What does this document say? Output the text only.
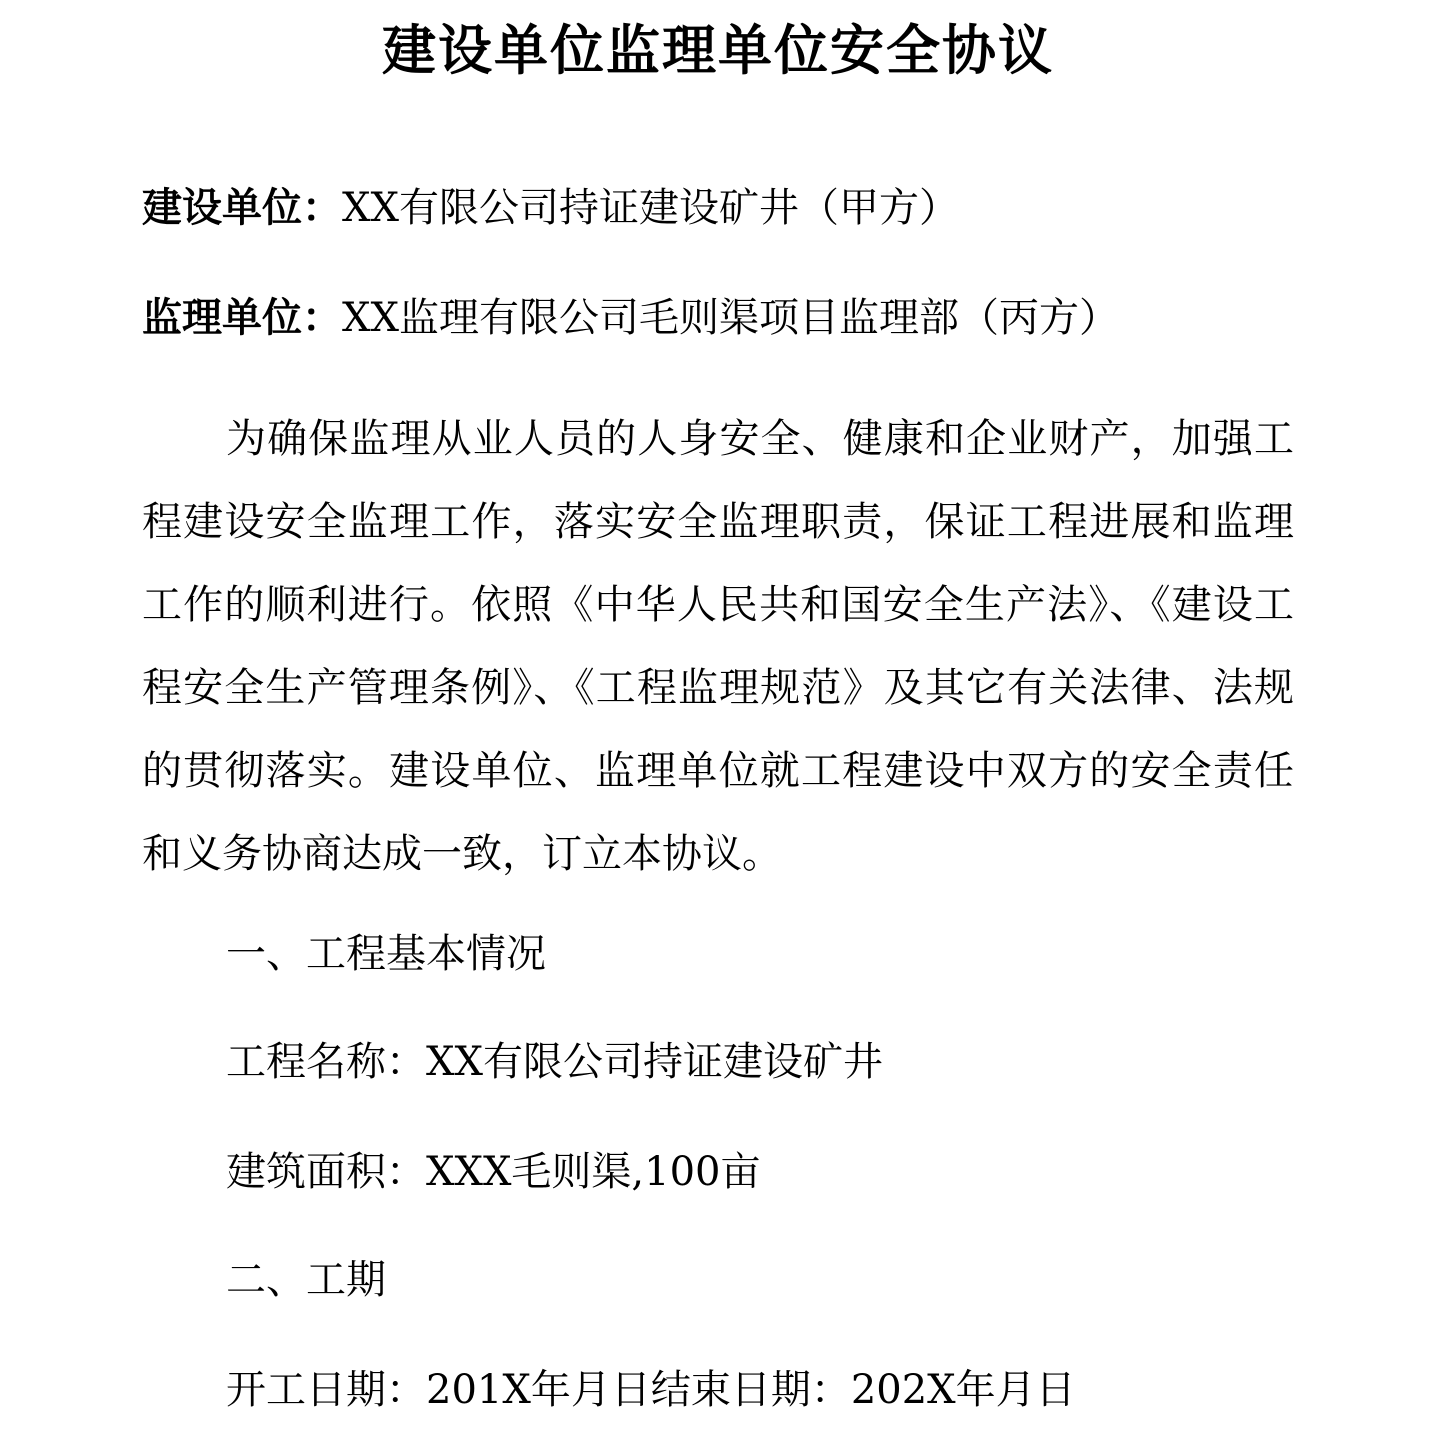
建设单位监理单位安全协议
建设单位：XX有限公司持证建设矿井（甲方）
监理单位：XX监理有限公司毛则渠项目监理部（丙方）
为确保监理从业人员的人身安全、健康和企业财产，加强工程建设安全监理工作，落实安全监理职责，保证工程进展和监理工作的顺利进行。依照《中华人民共和国安全生产法》、《建设工程安全生产管理条例》、《工程监理规范》及其它有关法律、法规的贯彻落实。建设单位、监理单位就工程建设中双方的安全责任和义务协商达成一致，订立本协议。
一、工程基本情况
工程名称：XX有限公司持证建设矿井
建筑面积：XXX毛则渠,100亩
二、工期
开工日期：201X年月日结束日期：202X年月日
